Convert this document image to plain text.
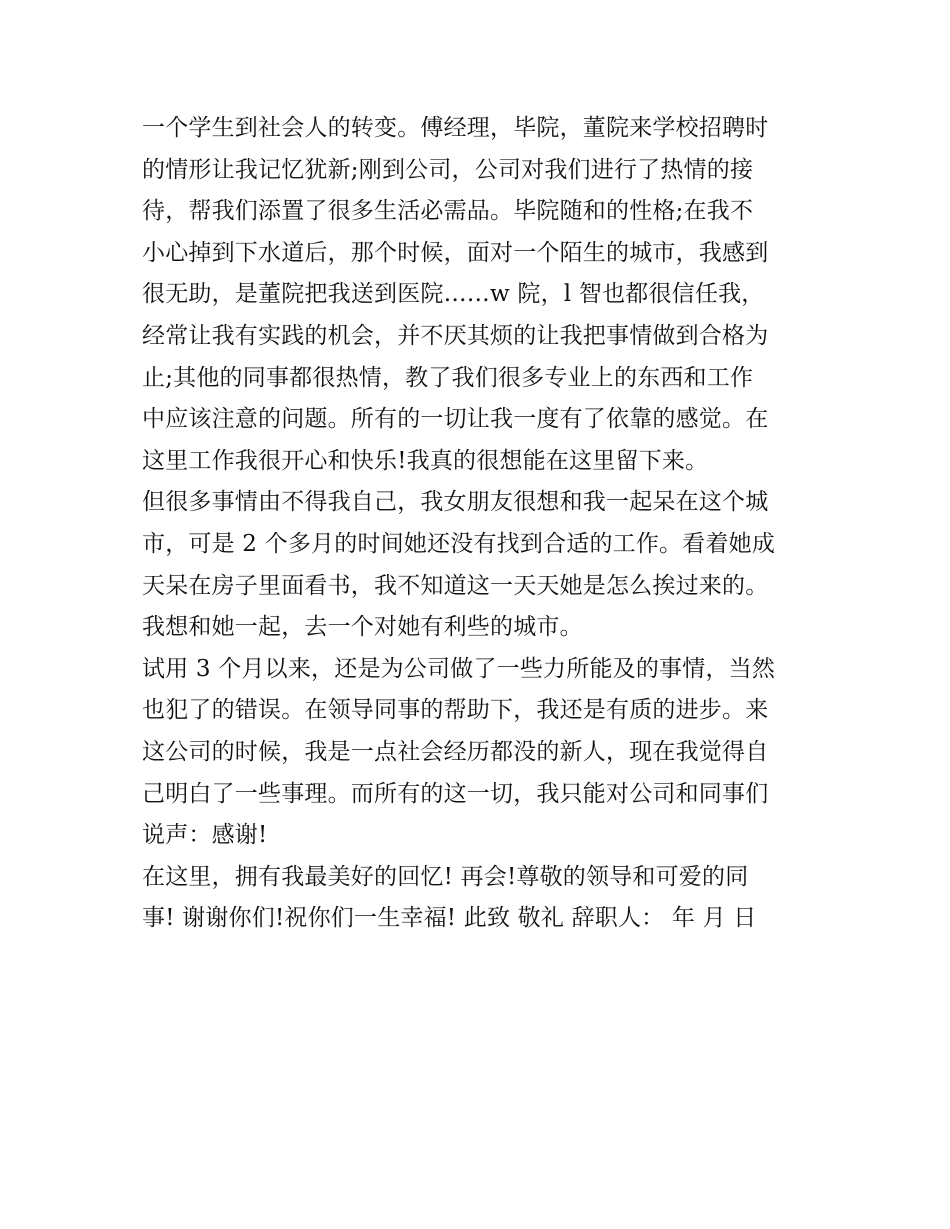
一个学生到社会人的转变。傅经理，毕院，董院来学校招聘时
的情形让我记忆犹新;刚到公司，公司对我们进行了热情的接
待，帮我们添置了很多生活必需品。毕院随和的性格;在我不
小心掉到下水道后，那个时候，面对一个陌生的城市，我感到
很无助，是董院把我送到医院……w 院，l 智也都很信任我，
经常让我有实践的机会，并不厌其烦的让我把事情做到合格为
止;其他的同事都很热情，教了我们很多专业上的东西和工作
中应该注意的问题。所有的一切让我一度有了依靠的感觉。在
这里工作我很开心和快乐!我真的很想能在这里留下来。
但很多事情由不得我自己，我女朋友很想和我一起呆在这个城
市，可是 2 个多月的时间她还没有找到合适的工作。看着她成
天呆在房子里面看书，我不知道这一天天她是怎么挨过来的。
我想和她一起，去一个对她有利些的城市。
试用 3 个月以来，还是为公司做了一些力所能及的事情，当然
也犯了的错误。在领导同事的帮助下，我还是有质的进步。来
这公司的时候，我是一点社会经历都没的新人，现在我觉得自
己明白了一些事理。而所有的这一切，我只能对公司和同事们
说声：感谢!
在这里，拥有我最美好的回忆! 再会!尊敬的领导和可爱的同
事! 谢谢你们!祝你们一生幸福! 此致 敬礼 辞职人： 年 月 日
